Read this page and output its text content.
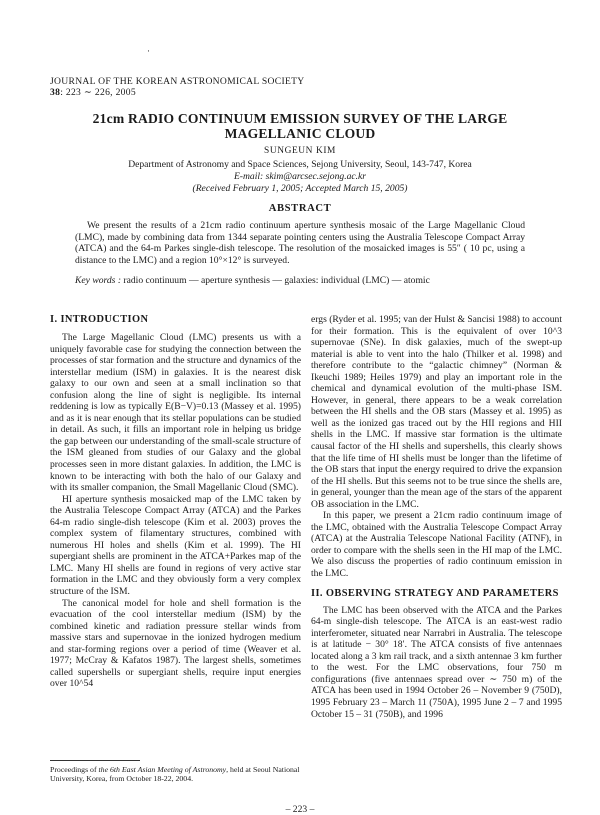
·
JOURNAL OF THE KOREAN ASTRONOMICAL SOCIETY
38: 223 ∼ 226, 2005
21cm RADIO CONTINUUM EMISSION SURVEY OF THE LARGE
MAGELLANIC CLOUD
SUNGEUN KIM
Department of Astronomy and Space Sciences, Sejong University, Seoul, 143-747, Korea
E-mail: skim@arcsec.sejong.ac.kr
(Received February 1, 2005; Accepted March 15, 2005)
ABSTRACT

We present the results of a 21cm radio continuum aperture synthesis mosaic of the Large Magellanic Cloud (LMC), made by combining data from 1344 separate pointing centers using the Australia Telescope Compact Array (ATCA) and the 64-m Parkes single-dish telescope. The resolution of the mosaicked images is 55″ ( 10 pc, using a distance to the LMC) and a region 10°×12° is surveyed.

Key words : radio continuum — aperture synthesis — galaxies: individual (LMC) — atomic

I. INTRODUCTION

The Large Magellanic Cloud (LMC) presents us with a uniquely favorable case for studying the connection between the processes of star formation and the structure and dynamics of the interstellar medium (ISM) in galaxies. It is the nearest disk galaxy to our own and seen at a small inclination so that confusion along the line of sight is negligible. Its internal reddening is low as typically E(B−V)=0.13 (Massey et al. 1995) and as it is near enough that its stellar populations can be studied in detail. As such, it fills an important role in helping us bridge the gap between our understanding of the small-scale structure of the ISM gleaned from studies of our Galaxy and the global processes seen in more distant galaxies. In addition, the LMC is known to be interacting with both the halo of our Galaxy and with its smaller companion, the Small Magellanic Cloud (SMC).

HI aperture synthesis mosaicked map of the LMC taken by the Australia Telescope Compact Array (ATCA) and the Parkes 64-m radio single-dish telescope (Kim et al. 2003) proves the complex system of filamentary structures, combined with numerous HI holes and shells (Kim et al. 1999). The HI supergiant shells are prominent in the ATCA+Parkes map of the LMC. Many HI shells are found in regions of very active star formation in the LMC and they obviously form a very complex structure of the ISM.

The canonical model for hole and shell formation is the evacuation of the cool interstellar medium (ISM) by the combined kinetic and radiation pressure stellar winds from massive stars and supernovae in the ionized hydrogen medium and star-forming regions over a period of time (Weaver et al. 1977; McCray & Kafatos 1987). The largest shells, sometimes called supershells or supergiant shells, require input energies over 10^54

ergs (Ryder et al. 1995; van der Hulst & Sancisi 1988) to account for their formation. This is the equivalent of over 10^3 supernovae (SNe). In disk galaxies, much of the swept-up material is able to vent into the halo (Thilker et al. 1998) and therefore contribute to the “galactic chimney” (Norman & Ikeuchi 1989; Heiles 1979) and play an important role in the chemical and dynamical evolution of the multi-phase ISM. However, in general, there appears to be a weak correlation between the HI shells and the OB stars (Massey et al. 1995) as well as the ionized gas traced out by the HII regions and HII shells in the LMC. If massive star formation is the ultimate causal factor of the HI shells and supershells, this clearly shows that the life time of HI shells must be longer than the lifetime of the OB stars that input the energy required to drive the expansion of the HI shells. But this seems not to be true since the shells are, in general, younger than the mean age of the stars of the apparent OB association in the LMC.

In this paper, we present a 21cm radio continuum image of the LMC, obtained with the Australia Telescope Compact Array (ATCA) at the Australia Telescope National Facility (ATNF), in order to compare with the shells seen in the HI map of the LMC. We also discuss the properties of radio continuum emission in the LMC.

II. OBSERVING STRATEGY AND PARAMETERS

The LMC has been observed with the ATCA and the Parkes 64-m single-dish telescope. The ATCA is an east-west radio interferometer, situated near Narrabri in Australia. The telescope is at latitude − 30° 18′. The ATCA consists of five antennaes located along a 3 km rail track, and a sixth antennae 3 km further to the west. For the LMC observations, four 750 m configurations (five antennaes spread over ∼ 750 m) of the ATCA has been used in 1994 October 26 – November 9 (750D), 1995 February 23 – March 11 (750A), 1995 June 2 – 7 and 1995 October 15 – 31 (750B), and 1996

Proceedings of the 6th East Asian Meeting of Astronomy, held at Seoul National University, Korea, from October 18-22, 2004.
– 223 –
